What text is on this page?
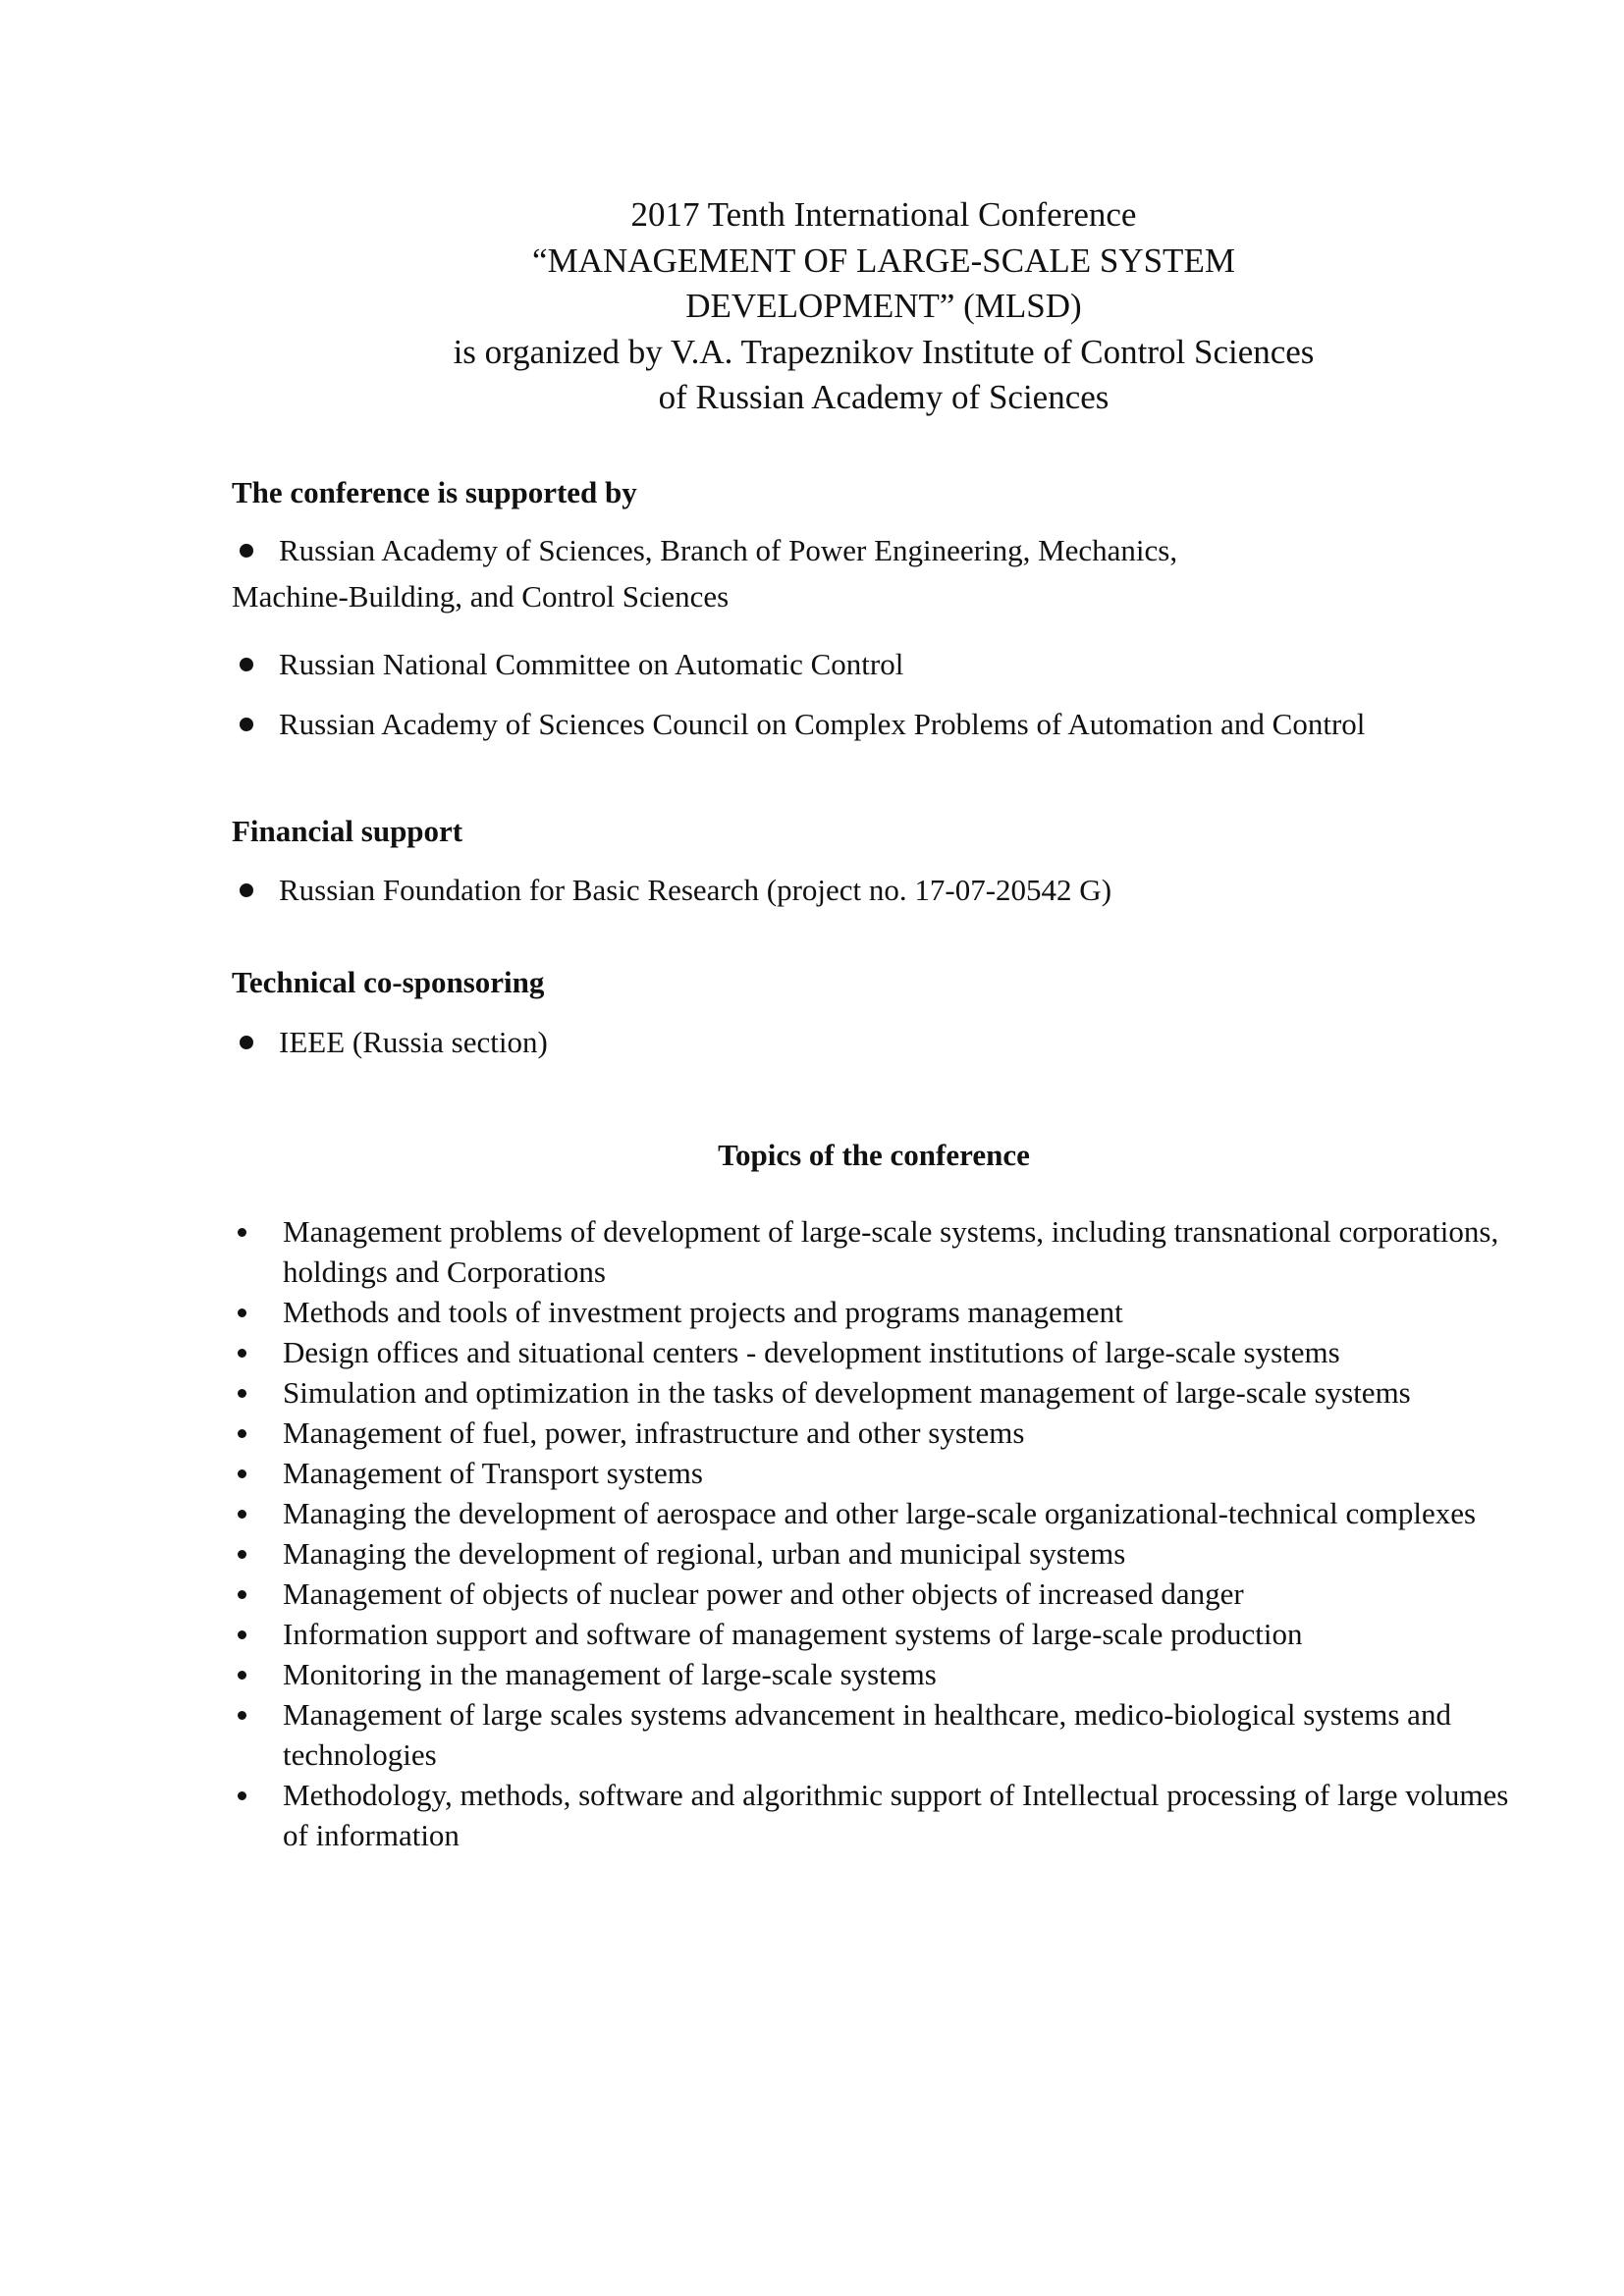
2017 Tenth International Conference
“MANAGEMENT OF LARGE-SCALE SYSTEM
DEVELOPMENT” (MLSD)
is organized by V.A. Trapeznikov Institute of Control Sciences
of Russian Academy of Sciences
The conference is supported by
Russian Academy of Sciences, Branch of Power Engineering, Mechanics,
Machine-Building, and Control Sciences
Russian National Committee on Automatic Control
Russian Academy of Sciences Council on Complex Problems of Automation and Control
Financial support
Russian Foundation for Basic Research (project no. 17-07-20542 G)
Technical co-sponsoring
IEEE (Russia section)
Topics of the conference
Management problems of development of large-scale systems, including transnational corporations, holdings and Corporations
Methods and tools of investment projects and programs management
Design offices and situational centers - development institutions of large-scale systems
Simulation and optimization in the tasks of development management of large-scale systems
Management of fuel, power, infrastructure and other systems
Management of Transport systems
Managing the development of aerospace and other large-scale organizational-technical complexes
Managing the development of regional, urban and municipal systems
Management of objects of nuclear power and other objects of increased danger
Information support and software of management systems of large-scale production
Monitoring in the management of large-scale systems
Management of large scales systems advancement in healthcare, medico-biological systems and technologies
Methodology, methods, software and algorithmic support of Intellectual processing of large volumes of information
